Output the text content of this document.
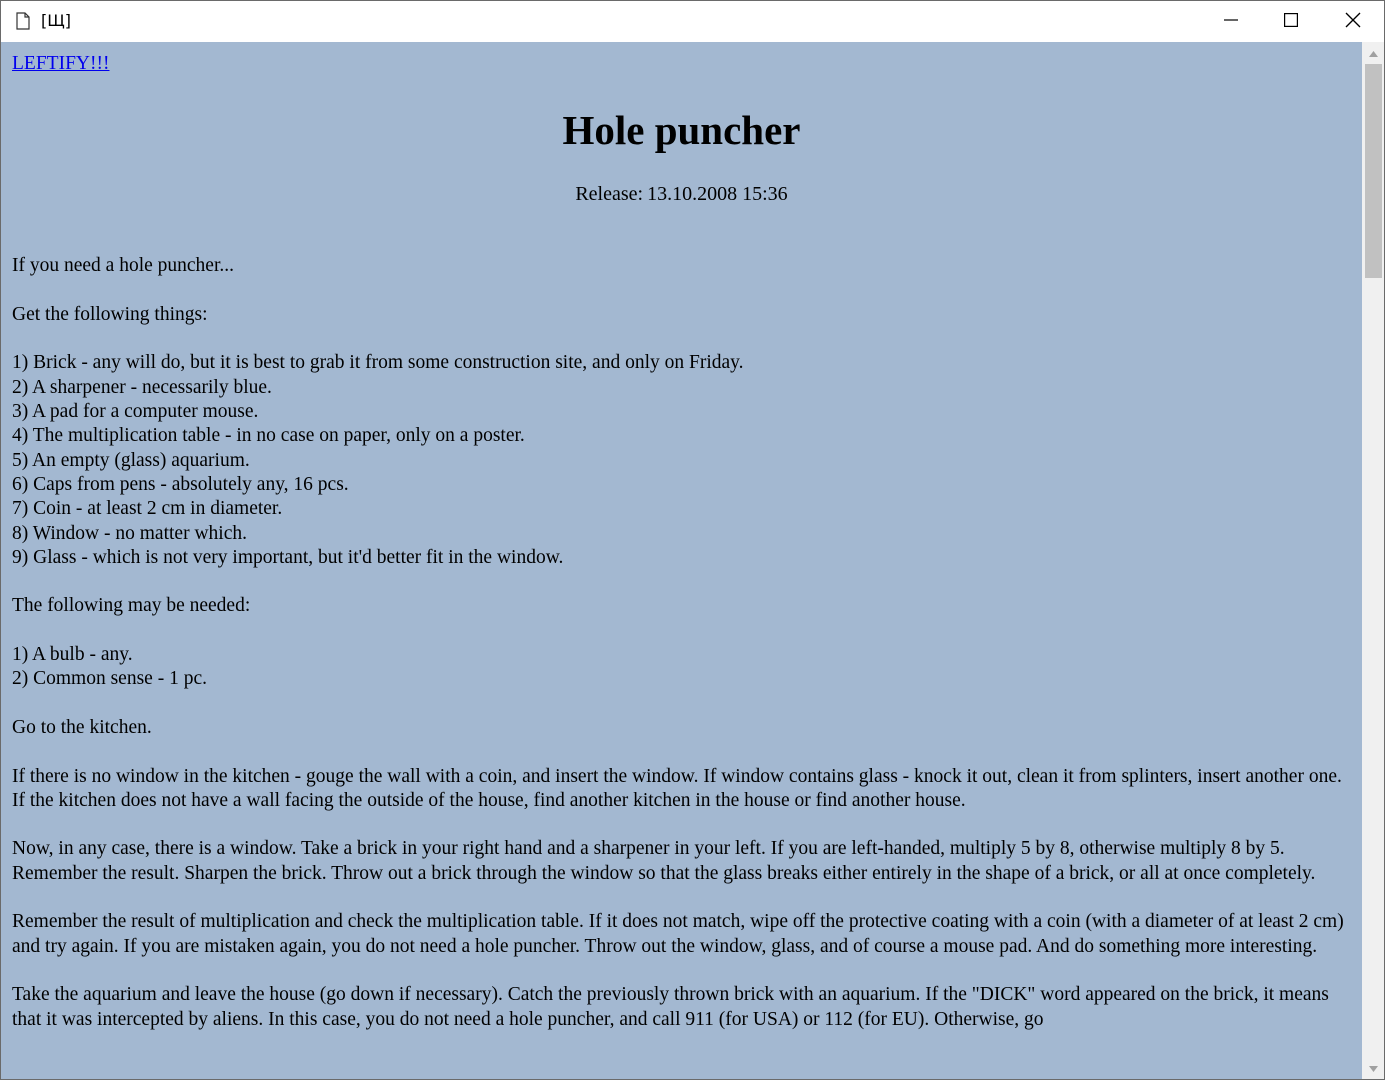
[Щ]
LEFTIFY!!!
Hole puncher
Release: 13.10.2008 15:36

If you need a hole puncher...

Get the following things:

1) Brick - any will do, but it is best to grab it from some construction site, and only on Friday.
2) A sharpener - necessarily blue.
3) A pad for a computer mouse.
4) The multiplication table - in no case on paper, only on a poster.
5) An empty (glass) aquarium.
6) Caps from pens - absolutely any, 16 pcs.
7) Coin - at least 2 cm in diameter.
8) Window - no matter which.
9) Glass - which is not very important, but it'd better fit in the window.

The following may be needed:

1) A bulb - any.
2) Common sense - 1 pc.

Go to the kitchen.

If there is no window in the kitchen - gouge the wall with a coin, and insert the window. If window contains glass - knock it out, clean it from splinters, insert another one. If the kitchen does not have a wall facing the outside of the house, find another kitchen in the house or find another house.

Now, in any case, there is a window. Take a brick in your right hand and a sharpener in your left. If you are left-handed, multiply 5 by 8, otherwise multiply 8 by 5. Remember the result. Sharpen the brick. Throw out a brick through the window so that the glass breaks either entirely in the shape of a brick, or all at once completely.

Remember the result of multiplication and check the multiplication table. If it does not match, wipe off the protective coating with a coin (with a diameter of at least 2 cm) and try again. If you are mistaken again, you do not need a hole puncher. Throw out the window, glass, and of course a mouse pad. And do something more interesting.

Take the aquarium and leave the house (go down if necessary). Catch the previously thrown brick with an aquarium. If the "DICK" word appeared on the brick, it means that it was intercepted by aliens. In this case, you do not need a hole puncher, and call 911 (for USA) or 112 (for EU). Otherwise, go
